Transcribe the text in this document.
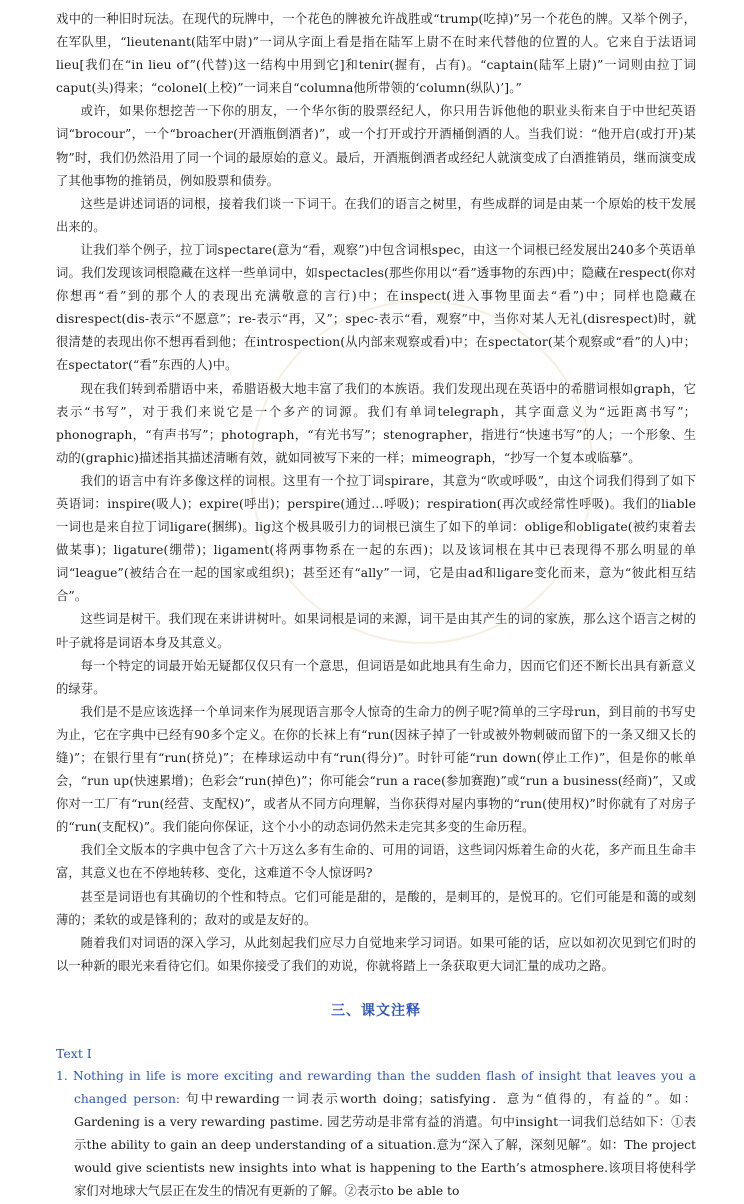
戏中的一种旧时玩法。在现代的玩牌中，一个花色的牌被允许战胜或“trump(吃掉)”另一个花色的牌。又举个例子，在军队里，“lieutenant(陆军中尉)”一词从字面上看是指在陆军上尉不在时来代替他的位置的人。它来自于法语词lieu[我们在“in lieu of”(代替)这一结构中用到它]和tenir(握有，占有)。“captain(陆军上尉)”一词则由拉丁词caput(头)得来；“colonel(上校)”一词来自“columna他所带领的‘column(纵队)’]。”

或许，如果你想挖苦一下你的朋友，一个华尔街的股票经纪人，你只用告诉他他的职业头衔来自于中世纪英语词“brocour”，一个“broacher(开酒瓶倒酒者)”，或一个打开或拧开酒桶倒酒的人。当我们说：“他开启(或打开)某物”时，我们仍然沿用了同一个词的最原始的意义。最后，开酒瓶倒酒者或经纪人就演变成了白酒推销员，继而演变成了其他事物的推销员，例如股票和债券。

这些是讲述词语的词根，接着我们谈一下词干。在我们的语言之树里，有些成群的词是由某一个原始的枝干发展出来的。

让我们举个例子，拉丁词spectare(意为“看，观察”)中包含词根spec，由这一个词根已经发展出240多个英语单词。我们发现该词根隐藏在这样一些单词中，如spectacles(那些你用以“看”透事物的东西)中；隐藏在respect(你对你想再“看”到的那个人的表现出充满敬意的言行)中；在inspect(进入事物里面去“看”)中；同样也隐藏在disrespect(dis-表示“不愿意”；re-表示“再，又”；spec-表示“看，观察”中，当你对某人无礼(disrespect)时，就很清楚的表现出你不想再看到他；在introspection(从内部来观察或看)中；在spectator(某个观察或“看”的人)中；在spectator(“看”东西的人)中。

现在我们转到希腊语中来，希腊语极大地丰富了我们的本族语。我们发现出现在英语中的希腊词根如graph，它表示“书写”，对于我们来说它是一个多产的词源。我们有单词telegraph，其字面意义为“远距离书写”；phonograph，“有声书写”；photograph，“有光书写”；stenographer，指进行“快速书写”的人；一个形象、生动的(graphic)描述指其描述清晰有效，就如同被写下来的一样；mimeograph，“抄写一个复本或临摹”。

我们的语言中有许多像这样的词根。这里有一个拉丁词spirare，其意为“吹或呼吸”，由这个词我们得到了如下英语词：inspire(吸人)；expire(呼出)；perspire(通过…呼吸)；respiration(再次或经常性呼吸)。我们的liable一词也是来自拉丁词ligare(捆绑)。lig这个极具吸引力的词根已演生了如下的单词：oblige和obligate(被约束着去做某事)；ligature(绷带)；ligament(将两事物系在一起的东西)；以及该词根在其中已表现得不那么明显的单词“league”(被结合在一起的国家或组织)；甚至还有“ally”一词，它是由ad和ligare变化而来，意为“彼此相互结合”。

这些词是树干。我们现在来讲讲树叶。如果词根是词的来源，词干是由其产生的词的家族，那么这个语言之树的叶子就将是词语本身及其意义。

每一个特定的词最开始无疑都仅仅只有一个意思，但词语是如此地具有生命力，因而它们还不断长出具有新意义的绿芽。

我们是不是应该选择一个单词来作为展现语言那令人惊奇的生命力的例子呢?简单的三字母run，到目前的书写史为止，它在字典中已经有90多个定义。在你的长袜上有“run(因袜子掉了一针或被外物刺破而留下的一条又细又长的缝)”；在银行里有“run(挤兑)”；在棒球运动中有“run(得分)”。时针可能“run down(停止工作)”，但是你的帐单会，“run up(快速累增)；色彩会“run(掉色)”；你可能会“run a race(参加赛跑)”或“run a business(经商)”，又或你对一工厂有“run(经营、支配权)”，或者从不同方向理解，当你获得对屋内事物的“run(使用权)”时你就有了对房子的“run(支配权)”。我们能向你保证，这个小小的动态词仍然未走完其多变的生命历程。

我们全文版本的字典中包含了六十万这么多有生命的、可用的词语，这些词闪烁着生命的火花，多产而且生命丰富，其意义也在不停地转移、变化，这难道不令人惊讶吗?

甚至是词语也有其确切的个性和特点。它们可能是甜的，是酸的，是刺耳的，是悦耳的。它们可能是和蔼的或刻薄的；柔软的或是锋利的；敌对的或是友好的。

随着我们对词语的深入学习，从此刻起我们应尽力自觉地来学习词语。如果可能的话，应以如初次见到它们时的以一种新的眼光来看待它们。如果你接受了我们的劝说，你就将踏上一条获取更大词汇量的成功之路。

三、课文注释
Text I
1. Nothing in life is more exciting and rewarding than the sudden flash of insight that leaves you a changed person: 句中rewarding一词表示worth doing；satisfying．意为“值得的，有益的”。如：Gardening is a very rewarding pastime. 园艺劳动是非常有益的消遣。句中insight一词我们总结如下：①表示the ability to gain an deep understanding of a situation.意为“深入了解，深刻见解”。如：The project would give scientists new insights into what is happening to the Earth’s atmosphere.该项目将使科学家们对地球大气层正在发生的情况有更新的了解。②表示to be able to
